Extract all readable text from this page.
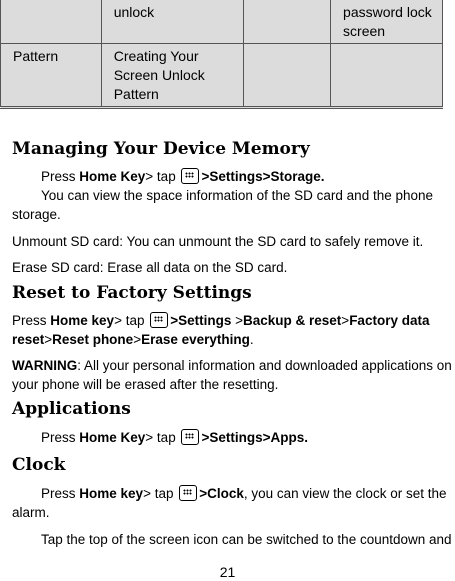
	unlock		password lock screen
Pattern	Creating Your Screen Unlock Pattern		
Managing Your Device Memory
Press Home Key> tap >Settings>Storage.
You can view the space information of the SD card and the phone
storage.
Unmount SD card: You can unmount the SD card to safely remove it.
Erase SD card: Erase all data on the SD card.
Reset to Factory Settings
Press Home key> tap >Settings >Backup & reset>Factory data
reset>Reset phone>Erase everything.
WARNING: All your personal information and downloaded applications on
your phone will be erased after the resetting.
Applications
Press Home Key> tap >Settings>Apps.
Clock
Press Home key> tap >Clock, you can view the clock or set the
alarm.
Tap the top of the screen icon can be switched to the countdown and
21
